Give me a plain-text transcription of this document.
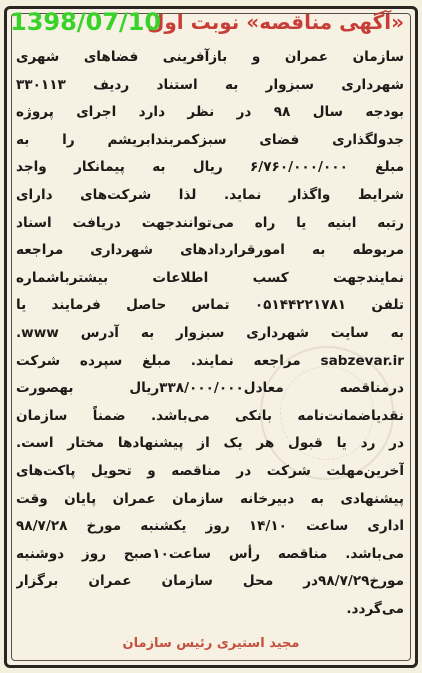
1398/07/10
«آگهی مناقصه» نوبت اول
سازمان عمران و بازآفرینی فضاهای شهری
شهرداری سبزوار به استناد ردیف ۳۳۰۱۱۳
بودجه سال ۹۸ در نظر دارد اجرای پروژه
جدولگذاری فضای سبزکمربندابریشم را به
مبلغ ۶/۷۶۰/۰۰۰/۰۰۰ ریال به پیمانکار واجد
شرایط واگذار نماید. لذا شرکت‌های دارای
رتبه ابنیه یا راه می‌توانندجهت دریافت اسناد
مربوطه به امورقراردادهای شهرداری مراجعه
نمایندجهت کسب اطلاعات بیشترباشماره
تلفن ۰۵۱۴۴۲۲۱۷۸۱ تماس حاصل فرمایند یا
به سایت شهرداری سبزوار به آدرس www.
sabzevar.ir مراجعه نمایند. مبلغ سپرده شرکت
درمناقصه معادل۳۳۸/۰۰۰/۰۰۰ریال بهصورت
نقدیاضمانت‌نامه بانکی می‌باشد. ضمناً سازمان
در رد یا قبول هر یک از پیشنهادها مختار است.
آخرین‌مهلت شرکت در مناقصه و تحویل پاکت‌های
پیشنهادی به دبیرخانه سازمان عمران پایان وقت
اداری ساعت ۱۴/۱۰ روز یکشنبه مورخ ۹۸/۷/۲۸
می‌باشد. مناقصه رأس ساعت۱۰صبح روز دوشنبه
مورخ۹۸/۷/۲۹در محل سازمان عمران برگزار
می‌گردد.
مجید استیری رئیس سازمان
